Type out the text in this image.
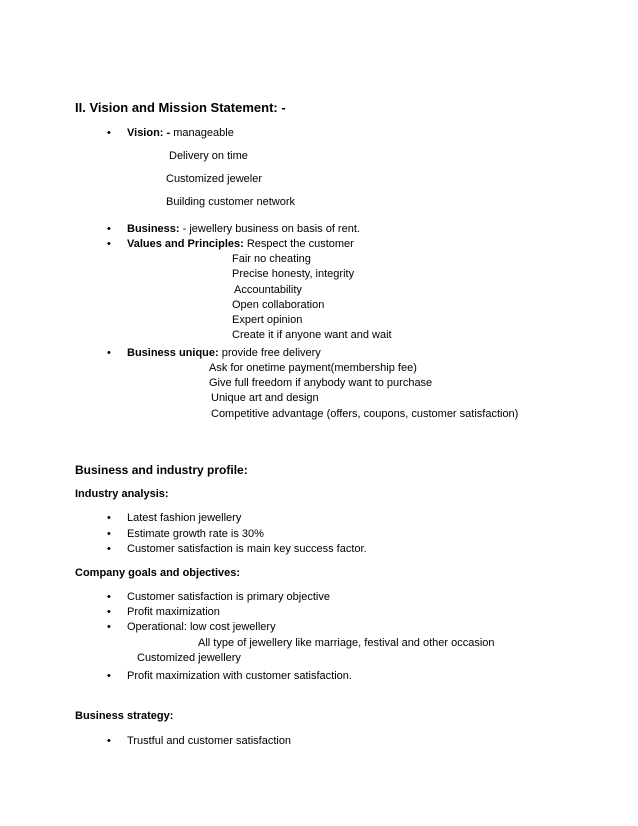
II. Vision and Mission Statement: -
• Vision: - manageable
Delivery on time
Customized jeweler
Building customer network
• Business: - jewellery business on basis of rent.
• Values and Principles: Respect the customer
Fair no cheating
Precise honesty, integrity
Accountability
Open collaboration
Expert opinion
Create it if anyone want and wait
• Business unique: provide free delivery
Ask for onetime payment(membership fee)
Give full freedom if anybody want to purchase
Unique art and design
Competitive advantage (offers, coupons, customer satisfaction)
Business and industry profile:
Industry analysis:
• Latest fashion jewellery
• Estimate growth rate is 30%
• Customer satisfaction is main key success factor.
Company goals and objectives:
• Customer satisfaction is primary objective
• Profit maximization
• Operational: low cost jewellery
All type of jewellery like marriage, festival and other occasion
Customized jewellery
• Profit maximization with customer satisfaction.
Business strategy:
• Trustful and customer satisfaction
